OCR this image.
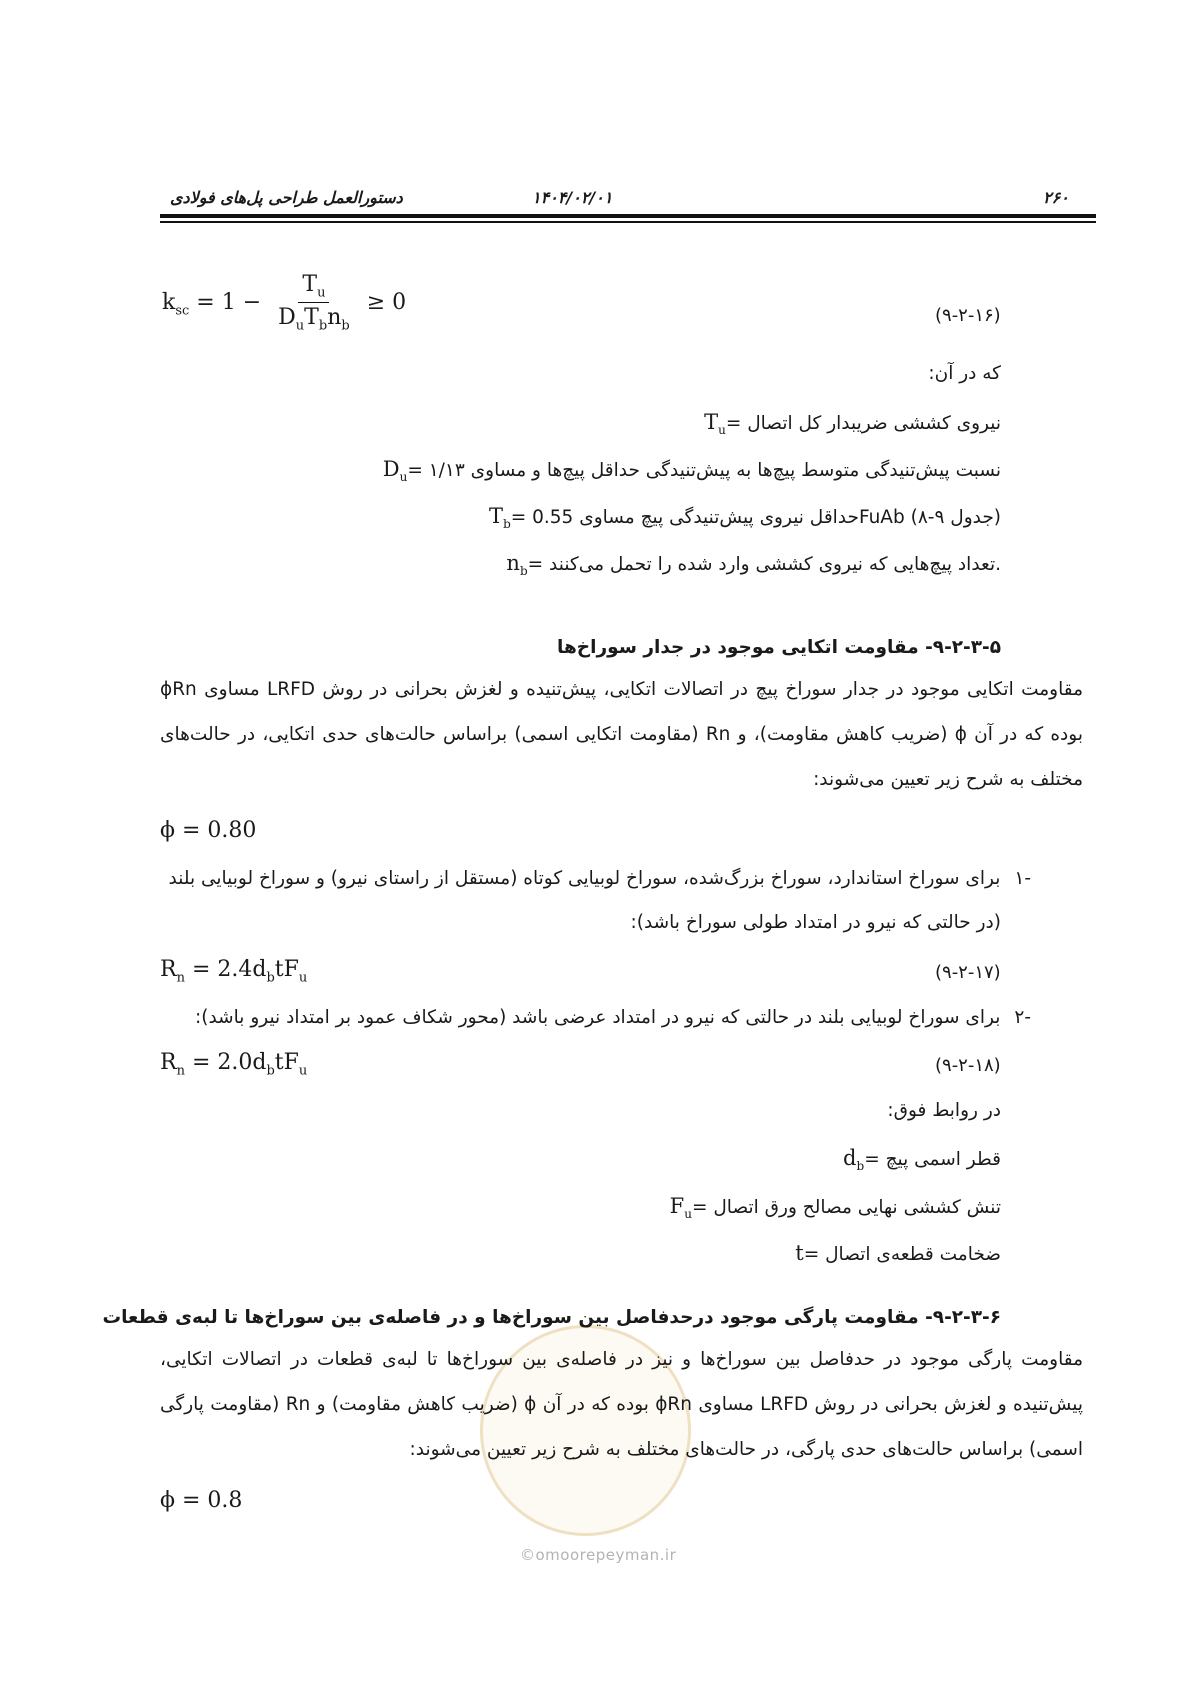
۲۶۰
۱۴۰۴/۰۲/۰۱
دستورالعمل طراحی پل‌های فولادی
$k_{sc} = 1 - \frac{T_u}{D_uT_bn_b} \ge 0$
(۹-۲-۱۶)
که در آن:
$T_u=$ نیروی کششی ضریبدار کل اتصال
$D_u=$ نسبت پیش‌تنیدگی متوسط پیچ‌ها به پیش‌تنیدگی حداقل پیچ‌ها و مساوی ۱/۱۳
$T_b=$ حداقل نیروی پیش‌تنیدگی پیچ مساوی 0.55FuAb (جدول ۹-۸)
$n_b=$ تعداد پیچ‌هایی که نیروی کششی وارد شده را تحمل می‌کنند.
۹-۲-۳-۵- مقاومت اتکایی موجود در جدار سوراخ‌ها
مقاومت اتکایی موجود در جدار سوراخ پیچ در اتصالات اتکایی، پیش‌تنیده و لغزش بحرانی در روش LRFD مساوی ϕRn بوده که در آن ϕ (ضریب کاهش مقاومت)، و Rn (مقاومت اتکایی اسمی) براساس حالت‌های حدی اتکایی، در حالت‌های مختلف به شرح زیر تعیین می‌شوند:
ϕ = 0.80
-۱برای سوراخ استاندارد، سوراخ بزرگ‌شده، سوراخ لوبیایی کوتاه (مستقل از راستای نیرو) و سوراخ لوبیایی بلند
(در حالتی که نیرو در امتداد طولی سوراخ باشد):
$R_n = 2.4d_btF_u$	(۹-۲-۱۷)
-۲برای سوراخ لوبیایی بلند در حالتی که نیرو در امتداد عرضی باشد (محور شکاف عمود بر امتداد نیرو باشد):
$R_n = 2.0d_btF_u$	(۹-۲-۱۸)
در روابط فوق:
$d_b=$ قطر اسمی پیچ
$F_u=$ تنش کششی نهایی مصالح ورق اتصال
t= ضخامت قطعه‌ی اتصال
©omoorepeyman.ir
۹-۲-۳-۶- مقاومت پارگی موجود درحدفاصل بین سوراخ‌ها و در فاصله‌ی بین سوراخ‌ها تا لبه‌ی قطعات
مقاومت پارگی موجود در حدفاصل بین سوراخ‌ها و نیز در فاصله‌ی بین سوراخ‌ها تا لبه‌ی قطعات در اتصالات اتکایی، پیش‌تنیده و لغزش بحرانی در روش LRFD مساوی ϕRn بوده که در آن ϕ (ضریب کاهش مقاومت) و Rn (مقاومت پارگی اسمی) براساس حالت‌های حدی پارگی، در حالت‌های مختلف به شرح زیر تعیین می‌شوند:
ϕ = 0.8
